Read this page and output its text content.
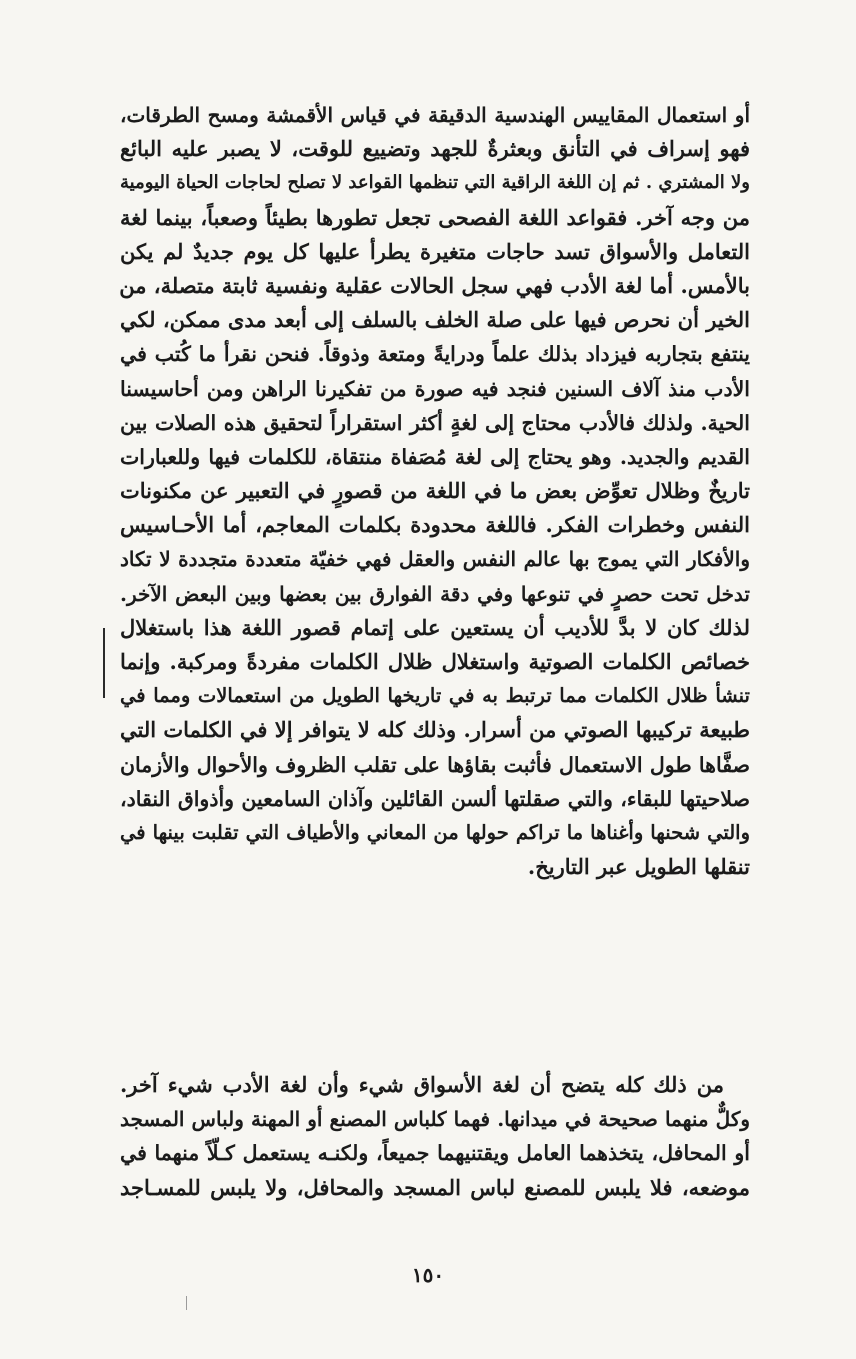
أو استعمال المقاييس الهندسية الدقيقة في قياس الأقمشة ومسح الطرقات،
فهو إسراف في التأنق وبعثرةٌ للجهد وتضييع للوقت، لا يصبر عليه البائع
ولا المشتري . ثم إن اللغة الراقية التي تنظمها القواعد لا تصلح لحاجات الحياة اليومية
من وجه آخر. فقواعد اللغة الفصحى تجعل تطورها بطيئاً وصعباً، بينما لغة
التعامل والأسواق تسد حاجات متغيرة يطرأ عليها كل يوم جديدٌ لم يكن
بالأمس. أما لغة الأدب فهي سجل الحالات عقلية ونفسية ثابتة متصلة، من
الخير أن نحرص فيها على صلة الخلف بالسلف إلى أبعد مدى ممكن، لكي
ينتفع بتجاربه فيزداد بذلك علماً ودرايةً ومتعة وذوقاً. فنحن نقرأ ما كُتب في
الأدب منذ آلاف السنين فنجد فيه صورة من تفكيرنا الراهن ومن أحاسيسنا
الحية. ولذلك فالأدب محتاج إلى لغةٍ أكثر استقراراً لتحقيق هذه الصلات بين
القديم والجديد. وهو يحتاج إلى لغة مُصَفاة منتقاة، للكلمات فيها وللعبارات
تاريخٌ وظلال تعوِّض بعض ما في اللغة من قصورٍ في التعبير عن مكنونات
النفس وخطرات الفكر. فاللغة محدودة بكلمات المعاجم، أما الأحـاسيس
والأفكار التي يموج بها عالم النفس والعقل فهي خفيّة متعددة متجددة لا تكاد
تدخل تحت حصرٍ في تنوعها وفي دقة الفوارق بين بعضها وبين البعض الآخر.
لذلك كان لا بدَّ للأديب أن يستعين على إتمام قصور اللغة هذا باستغلال
خصائص الكلمات الصوتية واستغلال ظلال الكلمات مفردةً ومركبة. وإنما
تنشأ ظلال الكلمات مما ترتبط به في تاريخها الطويل من استعمالات ومما في
طبيعة تركيبها الصوتي من أسرار. وذلك كله لا يتوافر إلا في الكلمات التي
صفَّاها طول الاستعمال فأثبت بقاؤها على تقلب الظروف والأحوال والأزمان
صلاحيتها للبقاء، والتي صقلتها ألسن القائلين وآذان السامعين وأذواق النقاد،
والتي شحنها وأغناها ما تراكم حولها من المعاني والأطياف التي تقلبت بينها في
تنقلها الطويل عبر التاريخ.
من ذلك كله يتضح أن لغة الأسواق شيء وأن لغة الأدب شيء آخر.
وكلٌّ منهما صحيحة في ميدانها. فهما كلباس المصنع أو المهنة ولباس المسجد
أو المحافل، يتخذهما العامل ويقتنيهما جميعاً، ولكنـه يستعمل كـلّاً منهما في
موضعه، فلا يلبس للمصنع لباس المسجد والمحافل، ولا يلبس للمسـاجد
١٥٠
